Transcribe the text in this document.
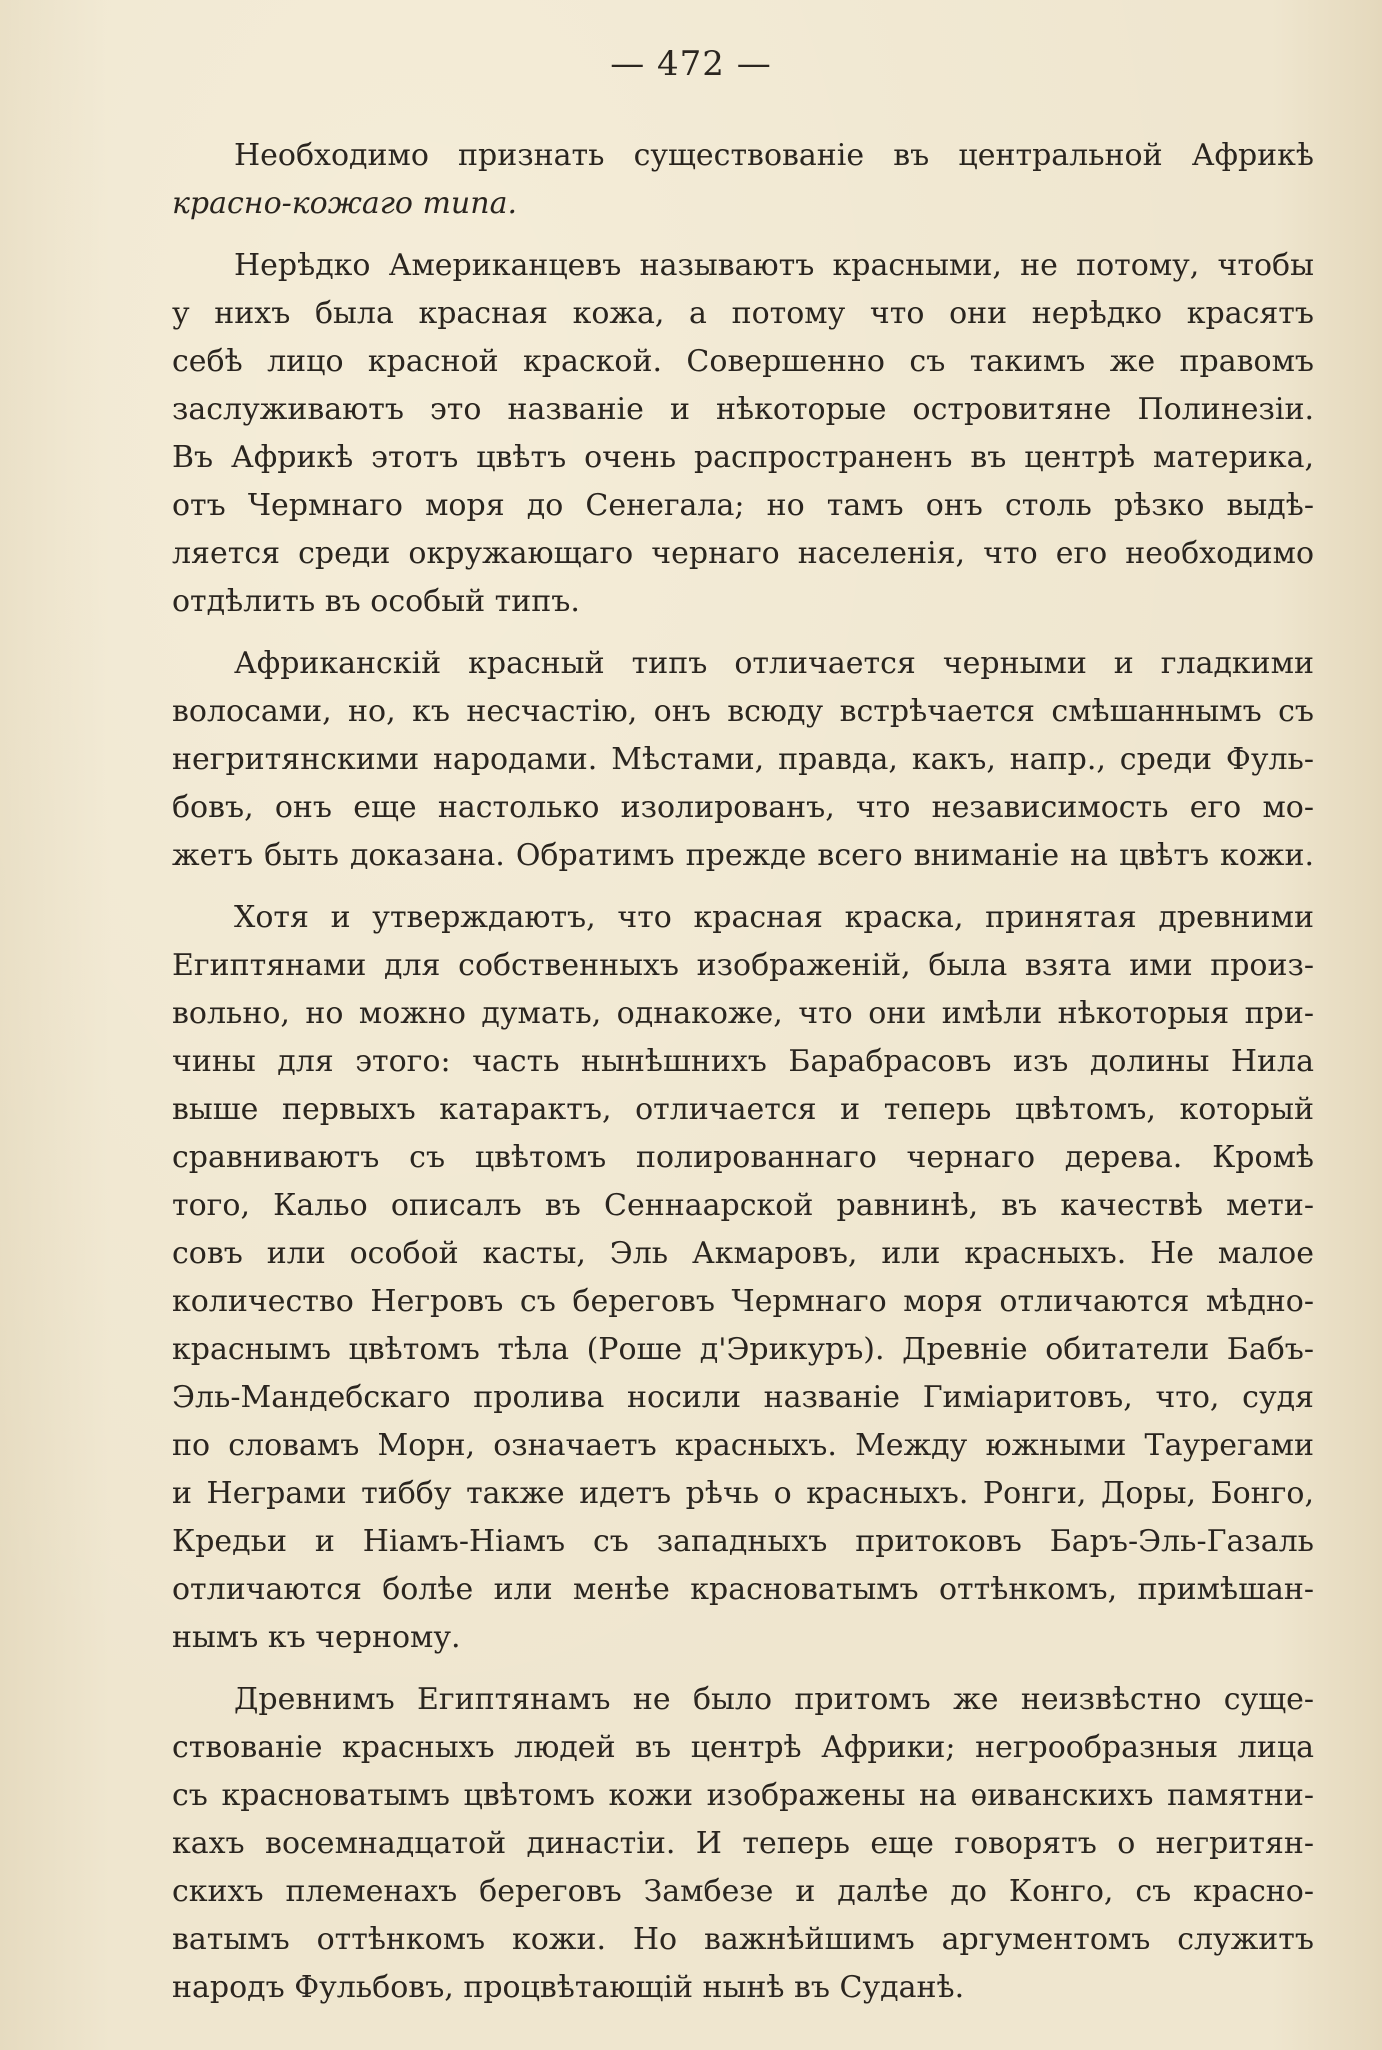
— 472 —
Необходимо признать существованіе въ центральной Африкѣ
красно-кожаго типа.
Нерѣдко Американцевъ называютъ красными, не потому, чтобы
у нихъ была красная кожа, а потому что они нерѣдко красятъ
себѣ лицо красной краской. Совершенно съ такимъ же правомъ
заслуживаютъ это названіе и нѣкоторые островитяне Полинезіи.
Въ Африкѣ этотъ цвѣтъ очень распространенъ въ центрѣ материка,
отъ Чермнаго моря до Сенегала; но тамъ онъ столь рѣзко выдѣ-
ляется среди окружающаго чернаго населенія, что его необходимо
отдѣлить въ особый типъ.
Африканскій красный типъ отличается черными и гладкими
волосами, но, къ несчастію, онъ всюду встрѣчается смѣшаннымъ съ
негритянскими народами. Мѣстами, правда, какъ, напр., среди Фуль-
бовъ, онъ еще настолько изолированъ, что независимость его мо-
жетъ быть доказана. Обратимъ прежде всего вниманіе на цвѣтъ кожи.
Хотя и утверждаютъ, что красная краска, принятая древними
Египтянами для собственныхъ изображеній, была взята ими произ-
вольно, но можно думать, однакоже, что они имѣли нѣкоторыя при-
чины для этого: часть нынѣшнихъ Барабрасовъ изъ долины Нила
выше первыхъ катарактъ, отличается и теперь цвѣтомъ, который
сравниваютъ съ цвѣтомъ полированнаго чернаго дерева. Кромѣ
того, Кальо описалъ въ Сеннаарской равнинѣ, въ качествѣ мети-
совъ или особой касты, Эль Акмаровъ, или красныхъ. Не малое
количество Негровъ съ береговъ Чермнаго моря отличаются мѣдно-
краснымъ цвѣтомъ тѣла (Роше д'Эрикуръ). Древніе обитатели Бабъ-
Эль-Мандебскаго пролива носили названіе Гиміаритовъ, что, судя
по словамъ Морн, означаетъ красныхъ. Между южными Таурегами
и Неграми тиббу также идетъ рѣчь о красныхъ. Ронги, Доры, Бонго,
Кредьи и Ніамъ-Ніамъ съ западныхъ притоковъ Баръ-Эль-Газаль
отличаются болѣе или менѣе красноватымъ оттѣнкомъ, примѣшан-
нымъ къ черному.
Древнимъ Египтянамъ не было притомъ же неизвѣстно суще-
ствованіе красныхъ людей въ центрѣ Африки; негрообразныя лица
съ красноватымъ цвѣтомъ кожи изображены на ѳиванскихъ памятни-
кахъ восемнадцатой династіи. И теперь еще говорятъ о негритян-
скихъ племенахъ береговъ Замбезе и далѣе до Конго, съ красно-
ватымъ оттѣнкомъ кожи. Но важнѣйшимъ аргументомъ служитъ
народъ Фульбовъ, процвѣтающій нынѣ въ Суданѣ.
